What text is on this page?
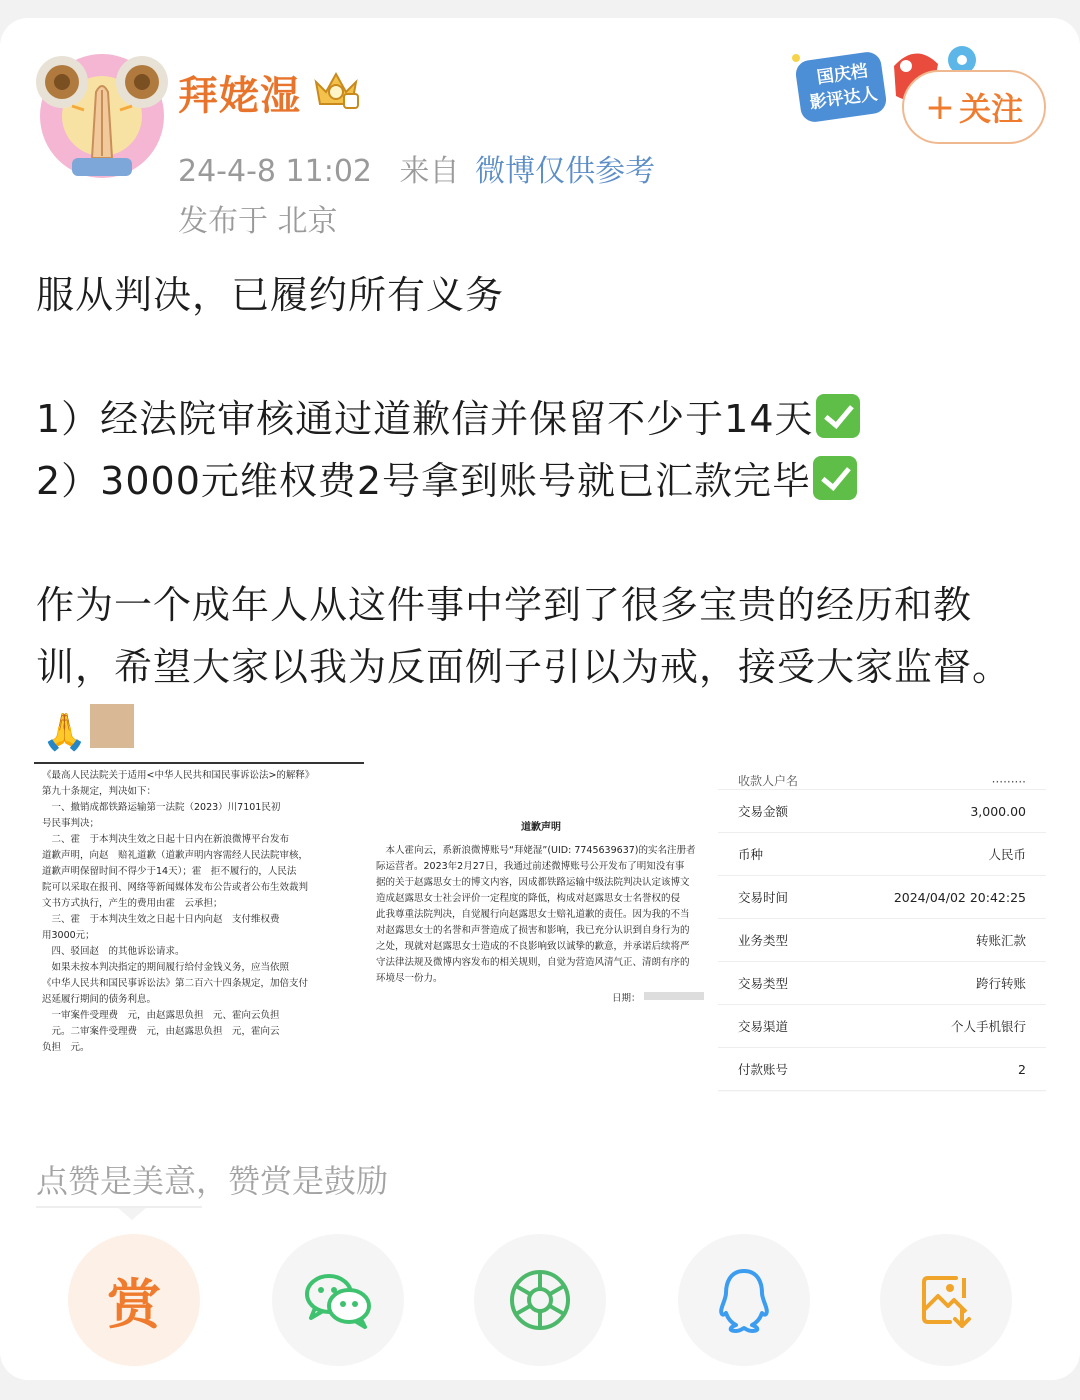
拜姥湿
24-4-8 11:02 来自 微博仅供参考
发布于 北京
国庆档
影评达人 + 关注

服从判决，已履约所有义务

1）经法院审核通过道歉信并保留不少于14天

2）3000元维权费2号拿到账号就已汇款完毕

作为一个成年人从这件事中学到了很多宝贵的经历和教训，希望大家以我为反面例子引以为戒，接受大家监督。🙏

《最高人民法院关于适用<中华人民共和国民事诉讼法>的解释》
第九十条规定，判决如下：
　一、撤销成都铁路运输第一法院（2023）川7101民初
号民事判决；
　二、霍　于本判决生效之日起十日内在新浪微博平台发布
道歉声明，向赵　赔礼道歉（道歉声明内容需经人民法院审核，
道歉声明保留时间不得少于14天）；霍　拒不履行的，人民法
院可以采取在报刊、网络等新闻媒体发布公告或者公布生效裁判
文书方式执行，产生的费用由霍　云承担；
　三、霍　于本判决生效之日起十日内向赵　支付维权费
用3000元；
　四、驳回赵　的其他诉讼请求。
　如果未按本判决指定的期间履行给付金钱义务，应当依照
《中华人民共和国民事诉讼法》第二百六十四条规定，加倍支付
迟延履行期间的债务利息。
　一审案件受理费　元，由赵露思负担　元、霍向云负担
　元。二审案件受理费　元，由赵露思负担　元，霍向云
负担　元。
道歉声明
　本人霍向云，系新浪微博账号“拜姥湿”(UID: 7745639637)的实名注册者
际运营者。2023年2月27日，我通过前述微博账号公开发布了明知没有事
据的关于赵露思女士的博文内容，因成都铁路运输中级法院判决认定该博文
造成赵露思女士社会评价一定程度的降低，构成对赵露思女士名誉权的侵
此我尊重法院判决，自觉履行向赵露思女士赔礼道歉的责任。因为我的不当
对赵露思女士的名誉和声誉造成了损害和影响，我已充分认识到自身行为的
之处，现就对赵露思女士造成的不良影响致以诚挚的歉意，并承诺后续将严
守法律法规及微博内容发布的相关规则，自觉为营造风清气正、清朗有序的
环境尽一份力。
日期：
收款人户名	·········
交易金额	3,000.00
币种	人民币
交易时间	2024/04/02 20:42:25
业务类型	转账汇款
交易类型	跨行转账
交易渠道	个人手机银行
付款账号	2
点赞是美意，赞赏是鼓励
赏
